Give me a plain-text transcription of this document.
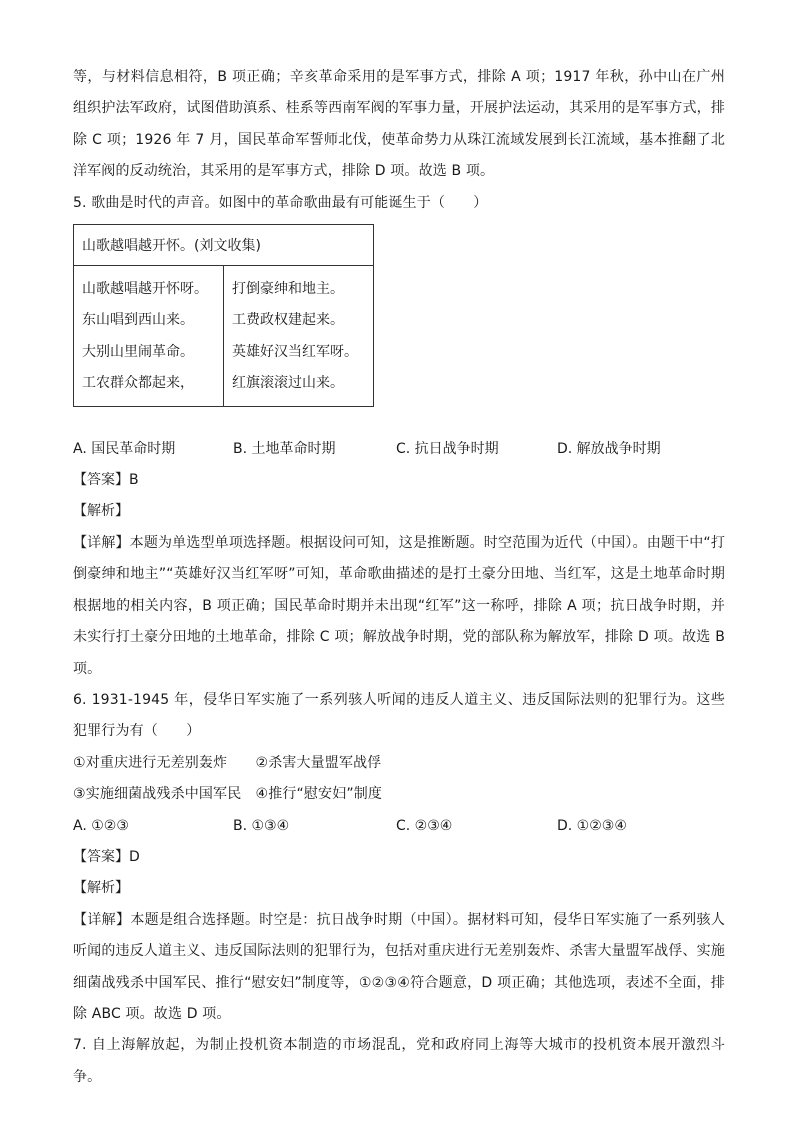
等，与材料信息相符，B 项正确；辛亥革命采用的是军事方式，排除 A 项；1917 年秋，孙中山在广州组织护法军政府，试图借助滇系、桂系等西南军阀的军事力量，开展护法运动，其采用的是军事方式，排除 C 项；1926 年 7 月，国民革命军誓师北伐，使革命势力从珠江流域发展到长江流域，基本推翻了北洋军阀的反动统治，其采用的是军事方式，排除 D 项。故选 B 项。

5. 歌曲是时代的声音。如图中的革命歌曲最有可能诞生于（　　）

山歌越唱越开怀。(刘文收集)

山歌越唱越开怀呀。
东山唱到西山来。
大别山里闹革命。
工农群众都起来，

打倒豪绅和地主。
工费政权建起来。
英雄好汉当红军呀。
红旗滚滚过山来。
A. 国民革命时期	B. 土地革命时期	C. 抗日战争时期	D. 解放战争时期

【答案】B

【解析】

【详解】本题为单选型单项选择题。根据设问可知，这是推断题。时空范围为近代（中国）。由题干中“打倒豪绅和地主”“英雄好汉当红军呀”可知，革命歌曲描述的是打土豪分田地、当红军，这是土地革命时期根据地的相关内容，B 项正确；国民革命时期并未出现“红军”这一称呼，排除 A 项；抗日战争时期，并未实行打土豪分田地的土地革命，排除 C 项；解放战争时期，党的部队称为解放军，排除 D 项。故选 B 项。

6. 1931-1945 年，侵华日军实施了一系列骇人听闻的违反人道主义、违反国际法则的犯罪行为。这些犯罪行为有（　　）

①对重庆进行无差别轰炸　　②杀害大量盟军战俘

③实施细菌战残杀中国军民　④推行“慰安妇”制度

A. ①②③	B. ①③④	C. ②③④	D. ①②③④

【答案】D

【解析】

【详解】本题是组合选择题。时空是：抗日战争时期（中国）。据材料可知，侵华日军实施了一系列骇人听闻的违反人道主义、违反国际法则的犯罪行为，包括对重庆进行无差别轰炸、杀害大量盟军战俘、实施细菌战残杀中国军民、推行“慰安妇”制度等，①②③④符合题意，D 项正确；其他选项，表述不全面，排除 ABC 项。故选 D 项。

7. 自上海解放起，为制止投机资本制造的市场混乱，党和政府同上海等大城市的投机资本展开激烈斗争。
